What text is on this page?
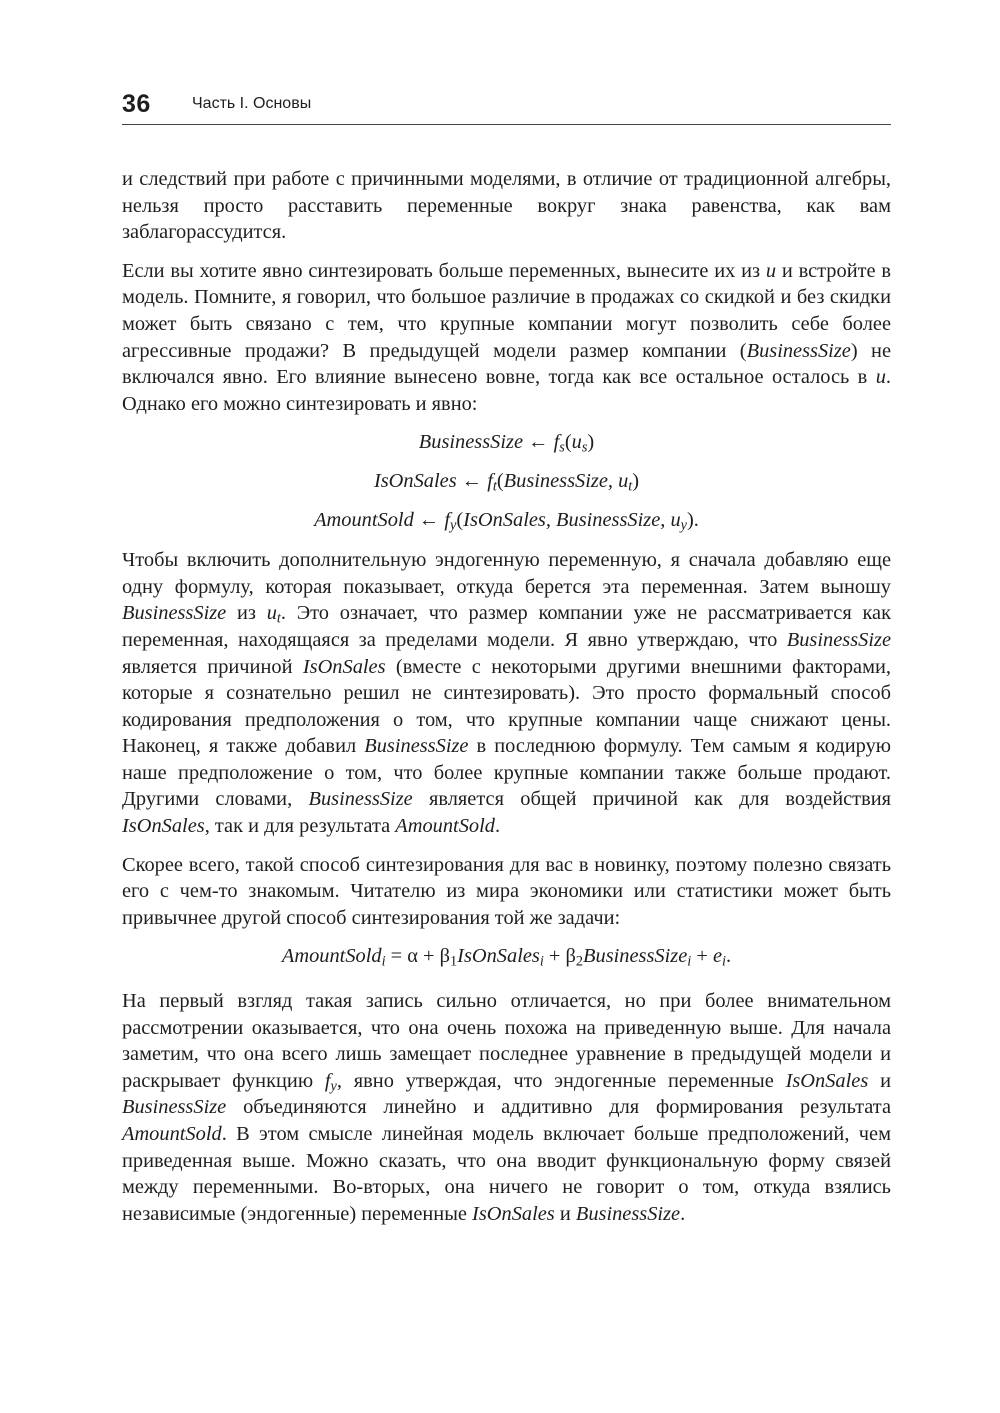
36	Часть I. Основы

и следствий при работе с причинными моделями, в отличие от традиционной алгебры, нельзя просто расставить переменные вокруг знака равенства, как вам заблагорассудится.

Если вы хотите явно синтезировать больше переменных, вынесите их из u и встройте в модель. Помните, я говорил, что большое различие в продажах со скидкой и без скидки может быть связано с тем, что крупные компании могут позволить себе более агрессивные продажи? В предыдущей модели размер компании (BusinessSize) не включался явно. Его влияние вынесено вовне, тогда как все остальное осталось в u. Однако его можно синтезировать и явно:

BusinessSize ← $f_s(u_s)$
IsOnSales ← $f_t(BusinessSize$, $u_t$)
AmountSold ← $f_y(IsOnSales$, BusinessSize, $u_y$).

Чтобы включить дополнительную эндогенную переменную, я сначала добавляю еще одну формулу, которая показывает, откуда берется эта переменная. Затем выношу BusinessSize из $u_t$. Это означает, что размер компании уже не рассматривается как переменная, находящаяся за пределами модели. Я явно утверждаю, что BusinessSize является причиной IsOnSales (вместе с некоторыми другими внешними факторами, которые я сознательно решил не синтезировать). Это просто формальный способ кодирования предположения о том, что крупные компании чаще снижают цены. Наконец, я также добавил BusinessSize в последнюю формулу. Тем самым я кодирую наше предположение о том, что более крупные компании также больше продают. Другими словами, BusinessSize является общей причиной как для воздействия IsOnSales, так и для результата AmountSold.

Скорее всего, такой способ синтезирования для вас в новинку, поэтому полезно связать его с чем-то знакомым. Читателю из мира экономики или статистики может быть привычнее другой способ синтезирования той же задачи:

AmountSold$_i$ = $\alpha + \beta_1IsOnSales_i$ + $\beta_2BusinessSize_i + e_i$.

На первый взгляд такая запись сильно отличается, но при более внимательном рассмотрении оказывается, что она очень похожа на приведенную выше. Для начала заметим, что она всего лишь замещает последнее уравнение в предыдущей модели и раскрывает функцию $f_y$, явно утверждая, что эндогенные переменные IsOnSales и BusinessSize объединяются линейно и аддитивно для формирования результата AmountSold. В этом смысле линейная модель включает больше предположений, чем приведенная выше. Можно сказать, что она вводит функциональную форму связей между переменными. Во-вторых, она ничего не говорит о том, откуда взялись независимые (эндогенные) переменные IsOnSales и BusinessSize.
